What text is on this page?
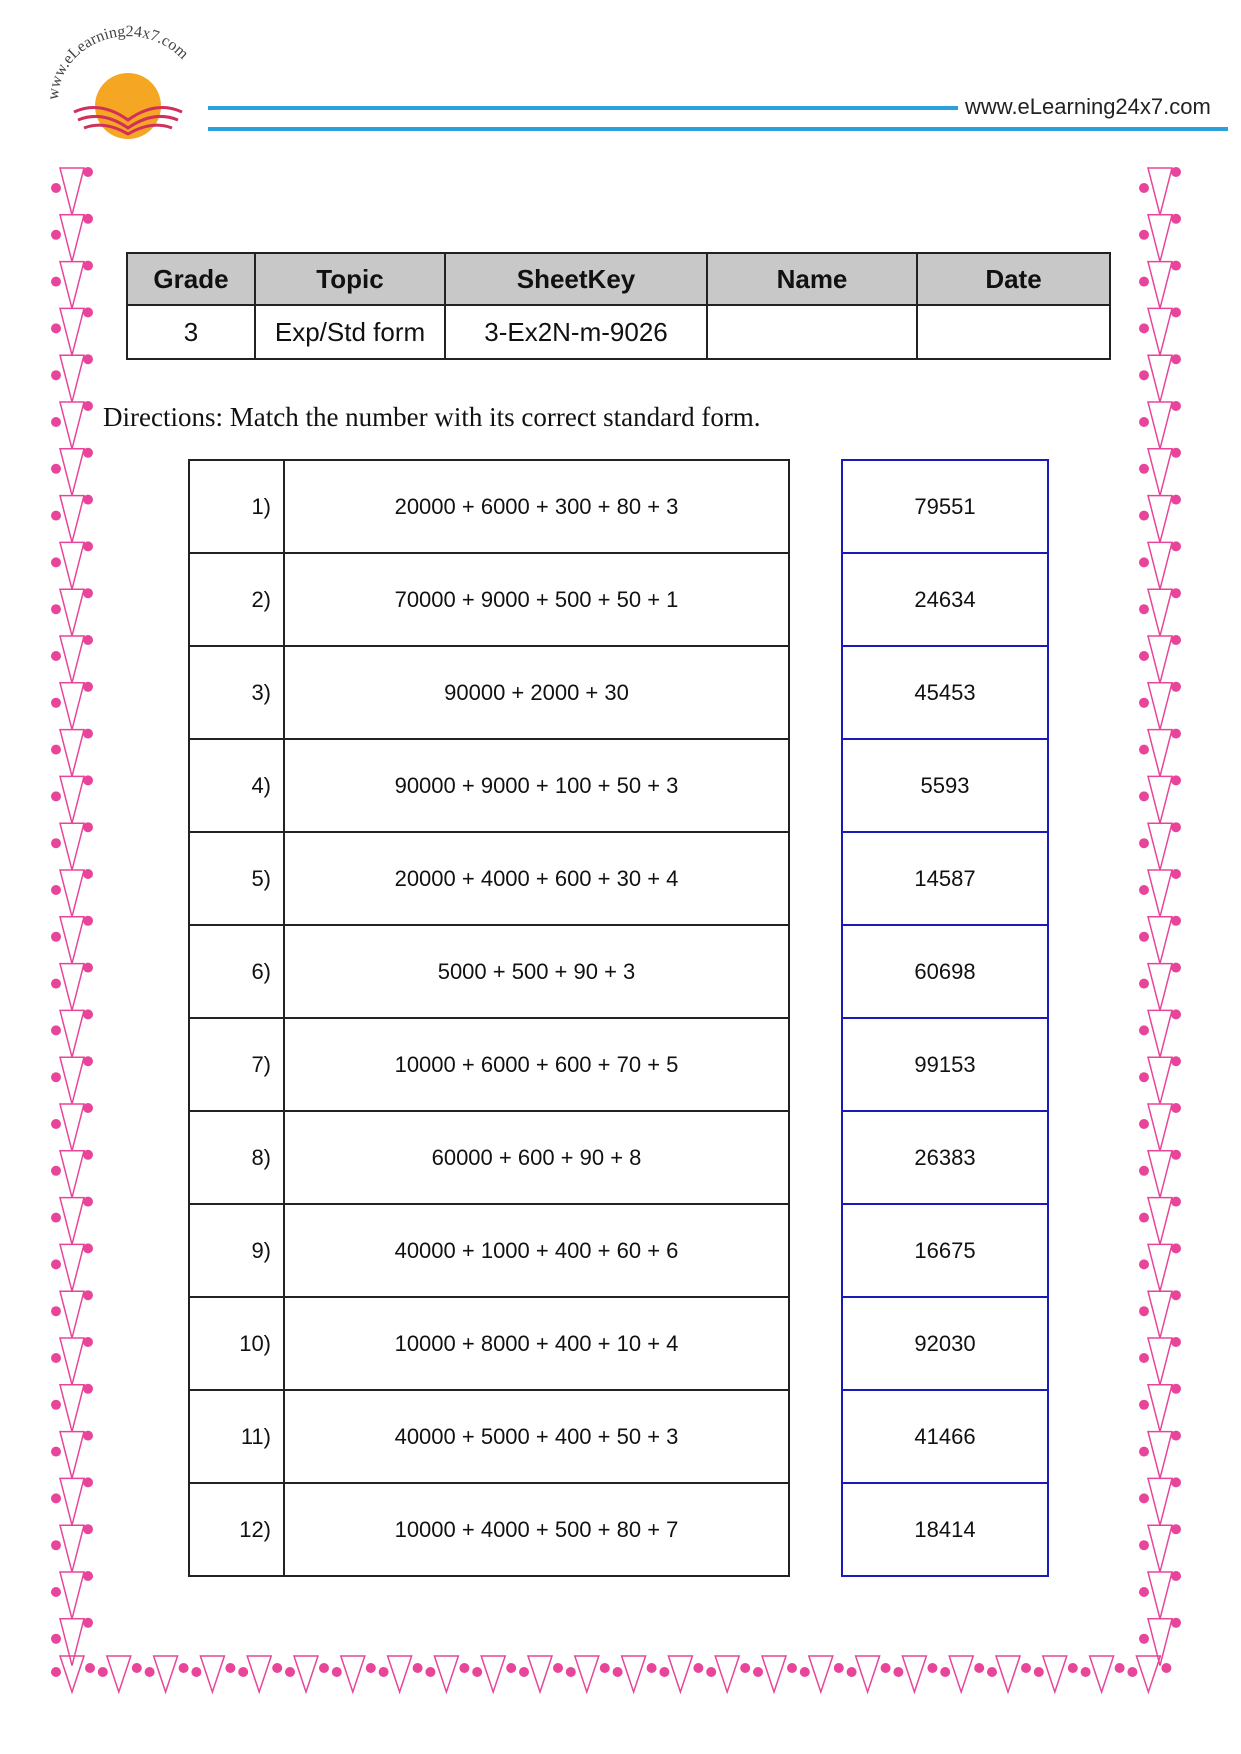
www.eLearning24x7.com
www.eLearning24x7.com
Grade	Topic	SheetKey	Name	Date
3	Exp/Std form	3-Ex2N-m-9026		
Directions: Match the number with its correct standard form.
1)	20000 + 6000 + 300 + 80 + 3
2)	70000 + 9000 + 500 + 50 + 1
3)	90000 + 2000 + 30
4)	90000 + 9000 + 100 + 50 + 3
5)	20000 + 4000 + 600 + 30 + 4
6)	5000 + 500 + 90 + 3
7)	10000 + 6000 + 600 + 70 + 5
8)	60000 + 600 + 90 + 8
9)	40000 + 1000 + 400 + 60 + 6
10)	10000 + 8000 + 400 + 10 + 4
11)	40000 + 5000 + 400 + 50 + 3
12)	10000 + 4000 + 500 + 80 + 7
79551
24634
45453
5593
14587
60698
99153
26383
16675
92030
41466
18414
